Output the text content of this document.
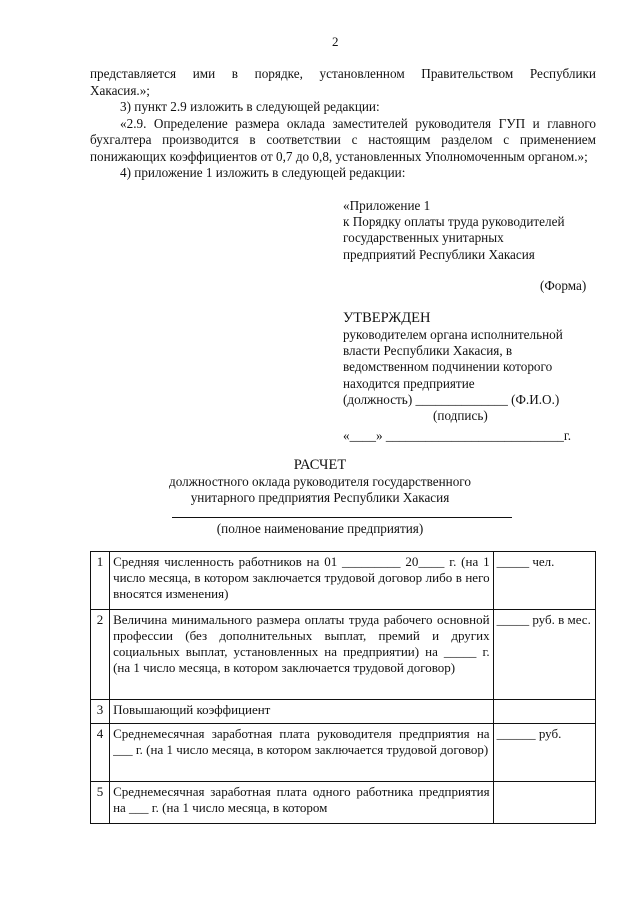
2

представляется ими в порядке, установленном Правительством Республики

Хакасия.»;

3) пункт 2.9 изложить в следующей редакции:

«2.9. Определение размера оклада заместителей руководителя ГУП и главного бухгалтера производится в соответствии с настоящим разделом с применением понижающих коэффициентов от 0,7 до 0,8, установленных Уполномоченным органом.»;

4) приложение 1 изложить в следующей редакции:

«Приложение 1
к Порядку оплаты труда руководителей
государственных унитарных
предприятий Республики Хакасия
(Форма)
УТВЕРЖДЕН
руководителем органа исполнительной
власти Республики Хакасия, в
ведомственном подчинении которого
находится предприятие
(должность) ______________ (Ф.И.О.)
(подпись)
«____» ___________________________г.
РАСЧЕТ
должностного оклада руководителя государственного
унитарного предприятия Республики Хакасия
(полное наименование предприятия)
1	Средняя численность работников на 01 _________ 20____ г. (на 1 число месяца, в котором заключается трудовой договор либо в него вносятся изменения)	_____ чел.
2	Величина минимального размера оплаты труда рабочего основной профессии (без дополнительных выплат, премий и других социальных выплат, установленных на предприятии) на _____ г. (на 1 число месяца, в котором заключается трудовой договор)	_____ руб. в мес.
3	Повышающий коэффициент	
4	Среднемесячная заработная плата руководителя предприятия на ___ г. (на 1 число месяца, в котором заключается трудовой договор)	______ руб.
5	Среднемесячная заработная плата одного работника предприятия на ___ г. (на 1 число месяца, в котором	
